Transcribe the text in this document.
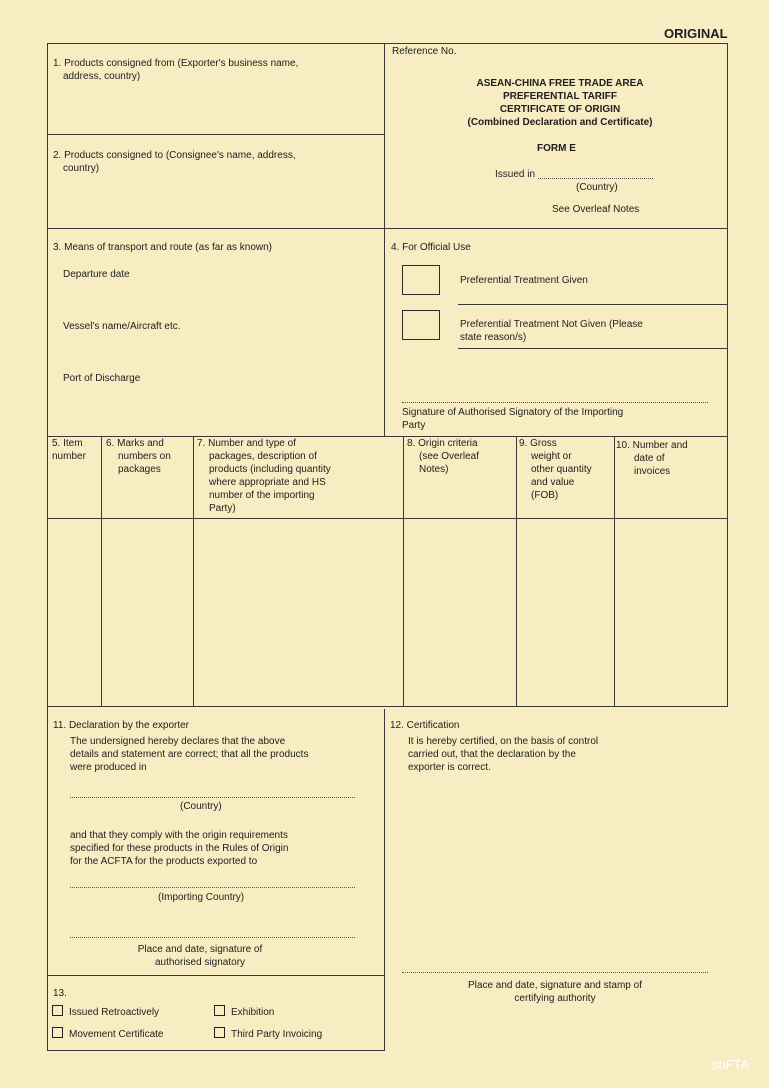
ORIGINAL
1. Products consigned from (Exporter's business name,
address, country)
2. Products consigned to (Consignee's name, address,
country)
Reference No.
ASEAN-CHINA FREE TRADE AREA
PREFERENTIAL TARIFF
CERTIFICATE OF ORIGIN
(Combined Declaration and Certificate)
FORM E
Issued in
(Country)
See Overleaf Notes
3. Means of transport and route (as far as known)
Departure date
Vessel's name/Aircraft etc.
Port of Discharge
4. For Official Use
Preferential Treatment Given
Preferential Treatment Not Given (Please
state reason/s)
Signature of Authorised Signatory of the Importing
Party
5. Item
number
6. Marks and
numbers on
packages
7. Number and type of
packages, description of
products (including quantity
where appropriate and HS
number of the importing
Party)
8. Origin criteria
(see Overleaf
Notes)
9. Gross
weight or
other quantity
and value
(FOB)
10. Number and
date of
invoices
11. Declaration by the exporter
The undersigned hereby declares that the above
details and statement are correct; that all the products
were produced in
(Country)
and that they comply with the origin requirements
specified for these products in the Rules of Origin
for the ACFTA for the products exported to
(Importing Country)
Place and date, signature of
authorised signatory
12. Certification
It is hereby certified, on the basis of control
carried out, that the declaration by the
exporter is correct.
Place and date, signature and stamp of
certifying authority
13.
Issued Retroactively	Exhibition
Movement Certificate	Third Party Invoicing
shFTA
